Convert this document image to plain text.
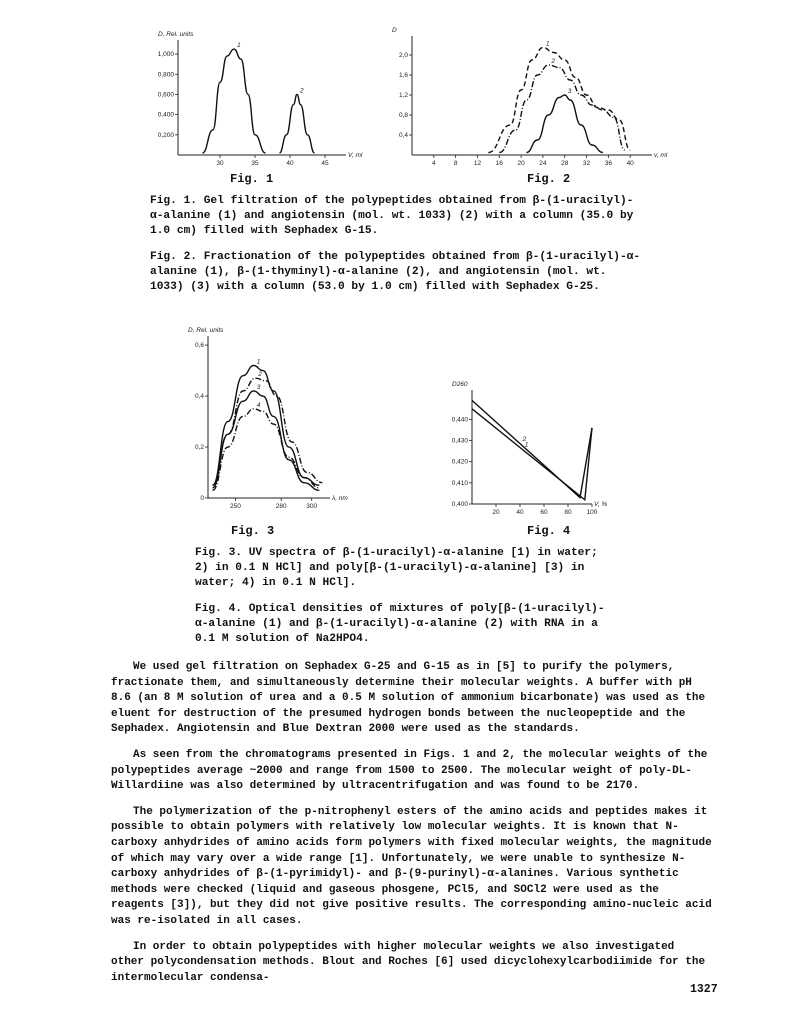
30	35	40	45
0,200
0,400
0,600
0,800
1,000
D, Rel. units
V, ml
1
2
Fig. 1
4	8	12 16 20 24 28 32 36 40
0,4
0,8
1,2
1,6
2,0
D
v, ml
1
2
3
Fig. 2
Fig. 1. Gel filtration of the polypeptides obtained from β-(1-uracilyl)-α-alanine (1) and angiotensin (mol. wt. 1033) (2) with a column (35.0 by 1.0 cm) filled with Sephadex G-15.
Fig. 2. Fractionation of the polypeptides obtained from β-(1-uracilyl)-α-alanine (1), β-(1-thyminyl)-α-alanine (2), and angiotensin (mol. wt. 1033) (3) with a column (53.0 by 1.0 cm) filled with Sephadex G-25.
250	280	300
0
0,2
0,4
0,6
D, Rel. units
λ, nm
1
2
3
4
Fig. 3
20	40	60	80 100
0,400
0,410
0,420
0,430
0,440
D260
V, %
1
2
Fig. 4
Fig. 3. UV spectra of β-(1-uracilyl)-α-alanine [1) in water; 2) in 0.1 N HCl] and poly[β-(1-uracilyl)-α-alanine] [3) in water; 4) in 0.1 N HCl].
Fig. 4. Optical densities of mixtures of poly[β-(1-uracilyl)-α-alanine (1) and β-(1-uracilyl)-α-alanine (2) with RNA in a 0.1 M solution of Na2HPO4.

We used gel filtration on Sephadex G-25 and G-15 as in [5] to purify the polymers, fractionate them, and simultaneously determine their molecular weights. A buffer with pH 8.6 (an 8 M solution of urea and a 0.5 M solution of ammonium bicarbonate) was used as the eluent for destruction of the presumed hydrogen bonds between the nucleopeptide and the Sephadex. Angiotensin and Blue Dextran 2000 were used as the standards.

As seen from the chromatograms presented in Figs. 1 and 2, the molecular weights of the polypeptides average ~2000 and range from 1500 to 2500. The molecular weight of poly-DL-Willardiine was also determined by ultracentrifugation and was found to be 2170.

The polymerization of the p-nitrophenyl esters of the amino acids and peptides makes it possible to obtain polymers with relatively low molecular weights. It is known that N-carboxy anhydrides of amino acids form polymers with fixed molecular weights, the magnitude of which may vary over a wide range [1]. Unfortunately, we were unable to synthesize N-carboxy anhydrides of β-(1-pyrimidyl)- and β-(9-purinyl)-α-alanines. Various synthetic methods were checked (liquid and gaseous phosgene, PCl5, and SOCl2 were used as the reagents [3]), but they did not give positive results. The corresponding amino-nucleic acid was re-isolated in all cases.

In order to obtain polypeptides with higher molecular weights we also investigated other polycondensation methods. Blout and Roches [6] used dicyclohexylcarbodiimide for the intermolecular condensa-

1327
